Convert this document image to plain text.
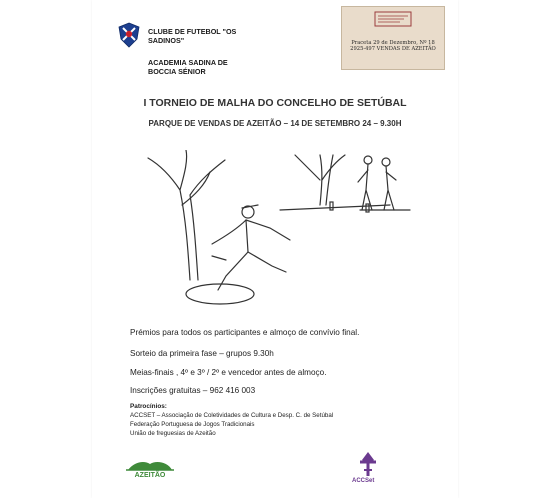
CLUBE DE FUTEBOL "OS
SADINOS"
ACADEMIA SADINA DE
BOCCIA SÉNIOR
Praceta 29 de Dezembro, Nº 18
2925-497 VENDAS DE AZEITÃO
I TORNEIO DE MALHA DO CONCELHO DE SETÚBAL
PARQUE DE VENDAS DE AZEITÃO – 14 DE SETEMBRO 24 – 9.30H
Prémios para todos os participantes e almoço de convívio final.
Sorteio da primeira fase – grupos 9.30h
Meias-finais , 4º e 3º / 2º e vencedor antes de almoço.
Inscrições gratuitas – 962 416 003
Patrocínios:
ACCSET – Associação de Coletividades de Cultura e Desp. C. de Setúbal
Federação Portuguesa de Jogos Tradicionais
União de freguesias de Azeitão
AZEITÃO
ACCSet
